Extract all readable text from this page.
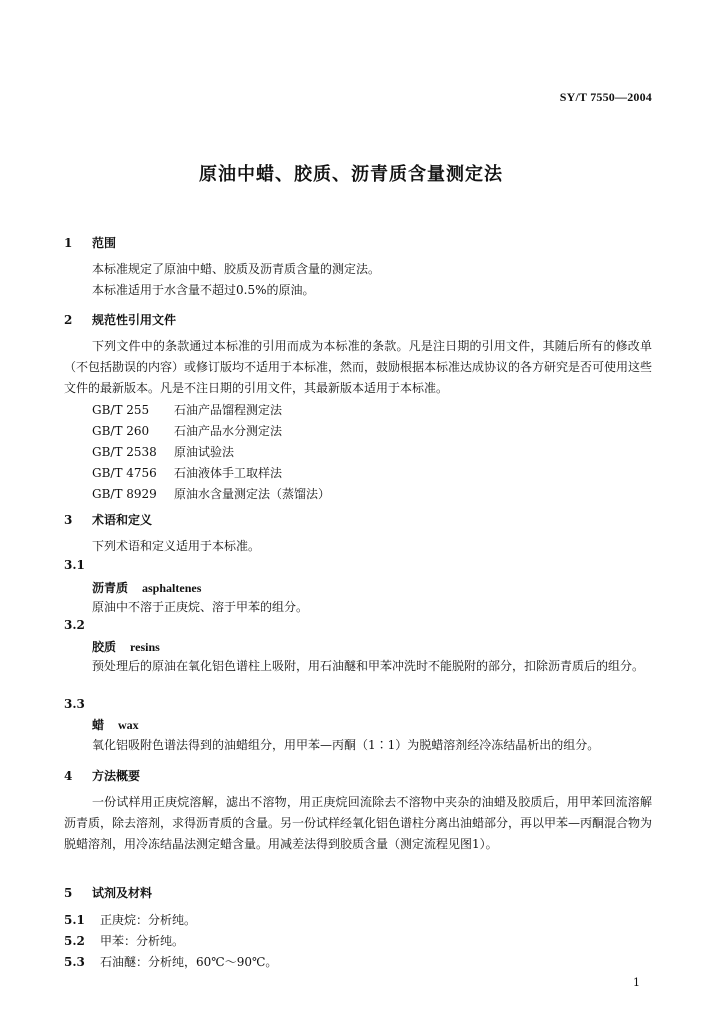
SY/T 7550—2004
原油中蜡、胶质、沥青质含量测定法
1 范围
本标准规定了原油中蜡、胶质及沥青质含量的测定法。
本标准适用于水含量不超过0.5%的原油。
2 规范性引用文件
下列文件中的条款通过本标准的引用而成为本标准的条款。凡是注日期的引用文件，其随后所有的修改单（不包括勘误的内容）或修订版均不适用于本标准，然而，鼓励根据本标准达成协议的各方研究是否可使用这些文件的最新版本。凡是不注日期的引用文件，其最新版本适用于本标准。
GB/T 255 石油产品馏程测定法
GB/T 260 石油产品水分测定法
GB/T 2538 原油试验法
GB/T 4756 石油液体手工取样法
GB/T 8929 原油水含量测定法（蒸馏法）
3 术语和定义
下列术语和定义适用于本标准。
3.1
沥青质 asphaltenes
原油中不溶于正庚烷、溶于甲苯的组分。
3.2
胶质 resins
预处理后的原油在氧化铝色谱柱上吸附，用石油醚和甲苯冲洗时不能脱附的部分，扣除沥青质后的组分。
3.3
蜡 wax
氧化铝吸附色谱法得到的油蜡组分，用甲苯—丙酮（1∶1）为脱蜡溶剂经冷冻结晶析出的组分。
4 方法概要
一份试样用正庚烷溶解，滤出不溶物，用正庚烷回流除去不溶物中夹杂的油蜡及胶质后，用甲苯回流溶解沥青质，除去溶剂，求得沥青质的含量。另一份试样经氧化铝色谱柱分离出油蜡部分，再以甲苯—丙酮混合物为脱蜡溶剂，用冷冻结晶法测定蜡含量。用减差法得到胶质含量（测定流程见图1）。
5 试剂及材料
5.1 正庚烷：分析纯。
5.2 甲苯：分析纯。
5.3 石油醚：分析纯，60℃～90℃。
1
